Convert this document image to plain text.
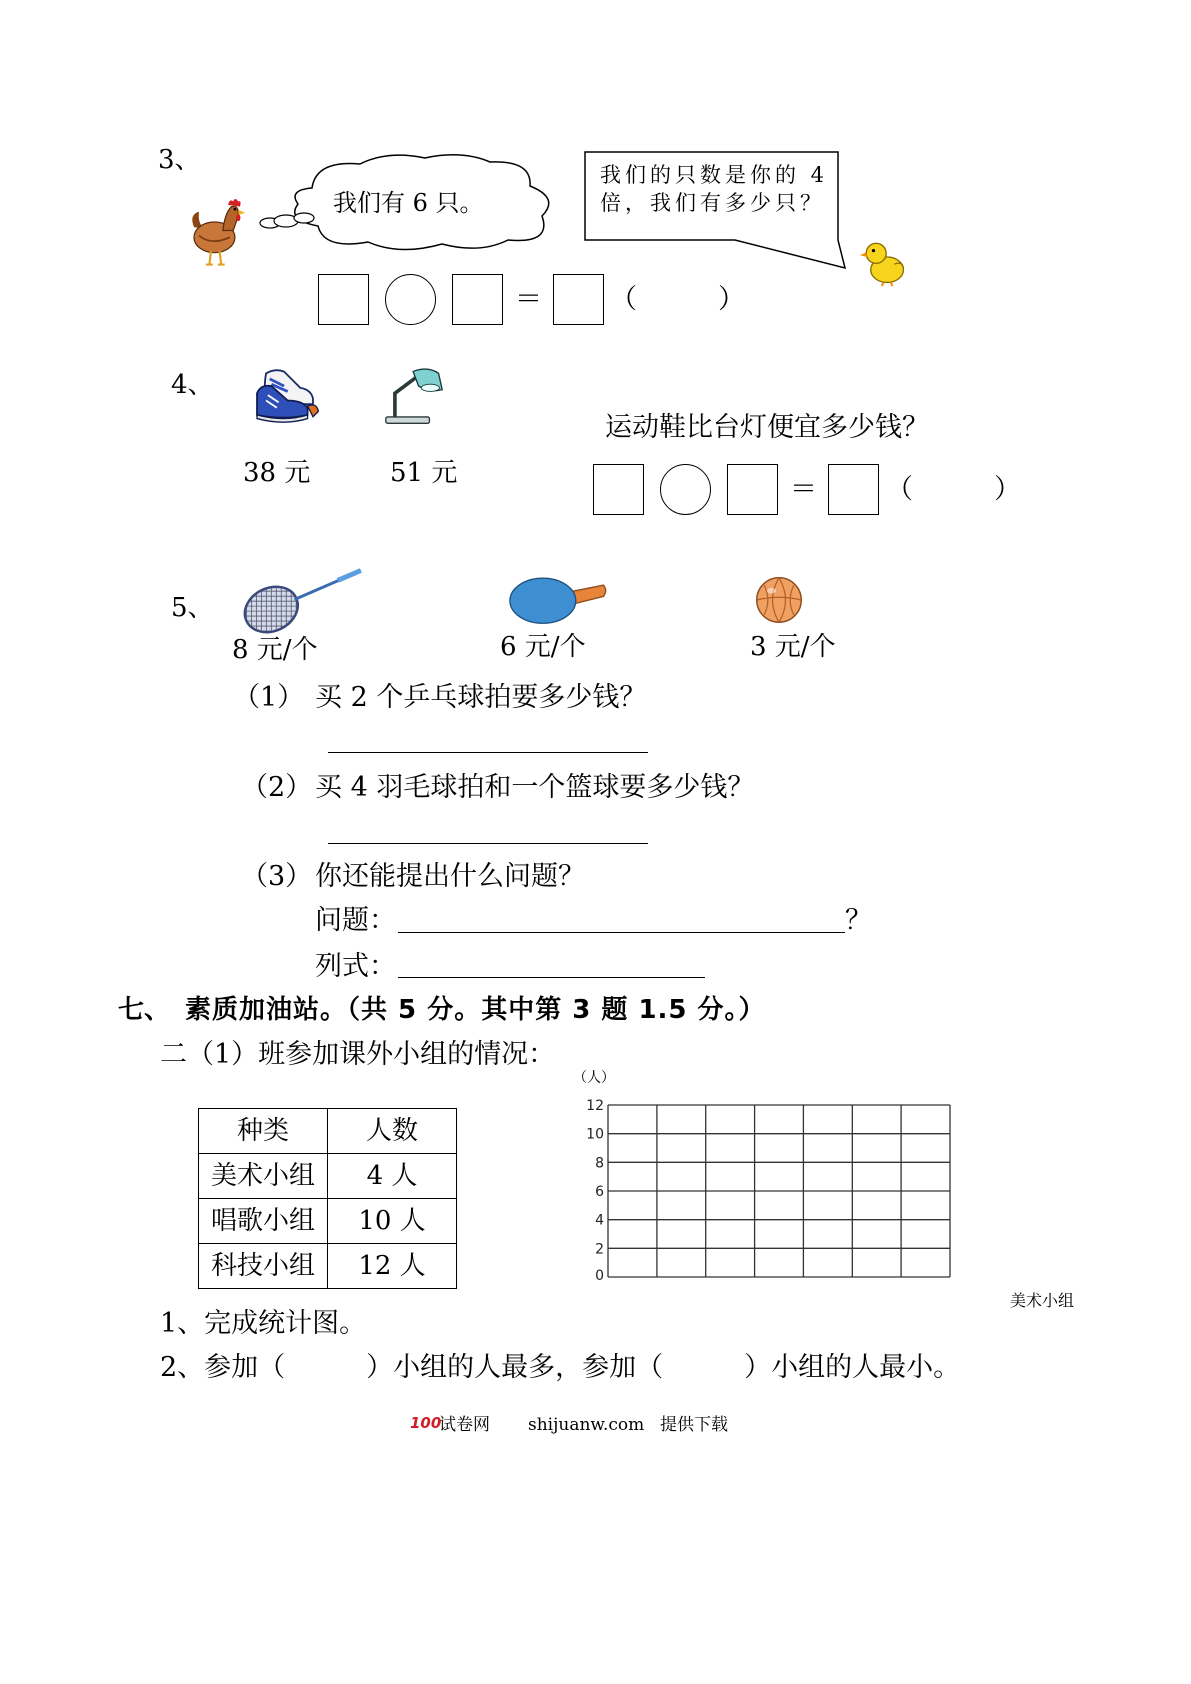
3、
我们有 6 只。
我们的只数是你的 4
倍，我们有多少只？
＝	（　　　）
4、
38 元	51 元
运动鞋比台灯便宜多少钱？
＝	（　　　）
5、
8 元/个	6 元/个	3 元/个
（1） 买 2 个乒乓球拍要多少钱？
（2） 买 4 羽毛球拍和一个篮球要多少钱？
（3） 你还能提出什么问题？
问题：	？
列式：
七、 素质加油站。（共 5 分。其中第 3 题 1.5 分。）
二（1）班参加课外小组的情况：
种类	人数
美术小组	4 人
唱歌小组	10 人
科技小组	12 人
（人）
12
10
8
6
4
2
0
美术小组
1、完成统计图。
2、参加（　　　）小组的人最多，参加（　　　）小组的人最小。
100
试卷网 shijuanw.com 提供下载
